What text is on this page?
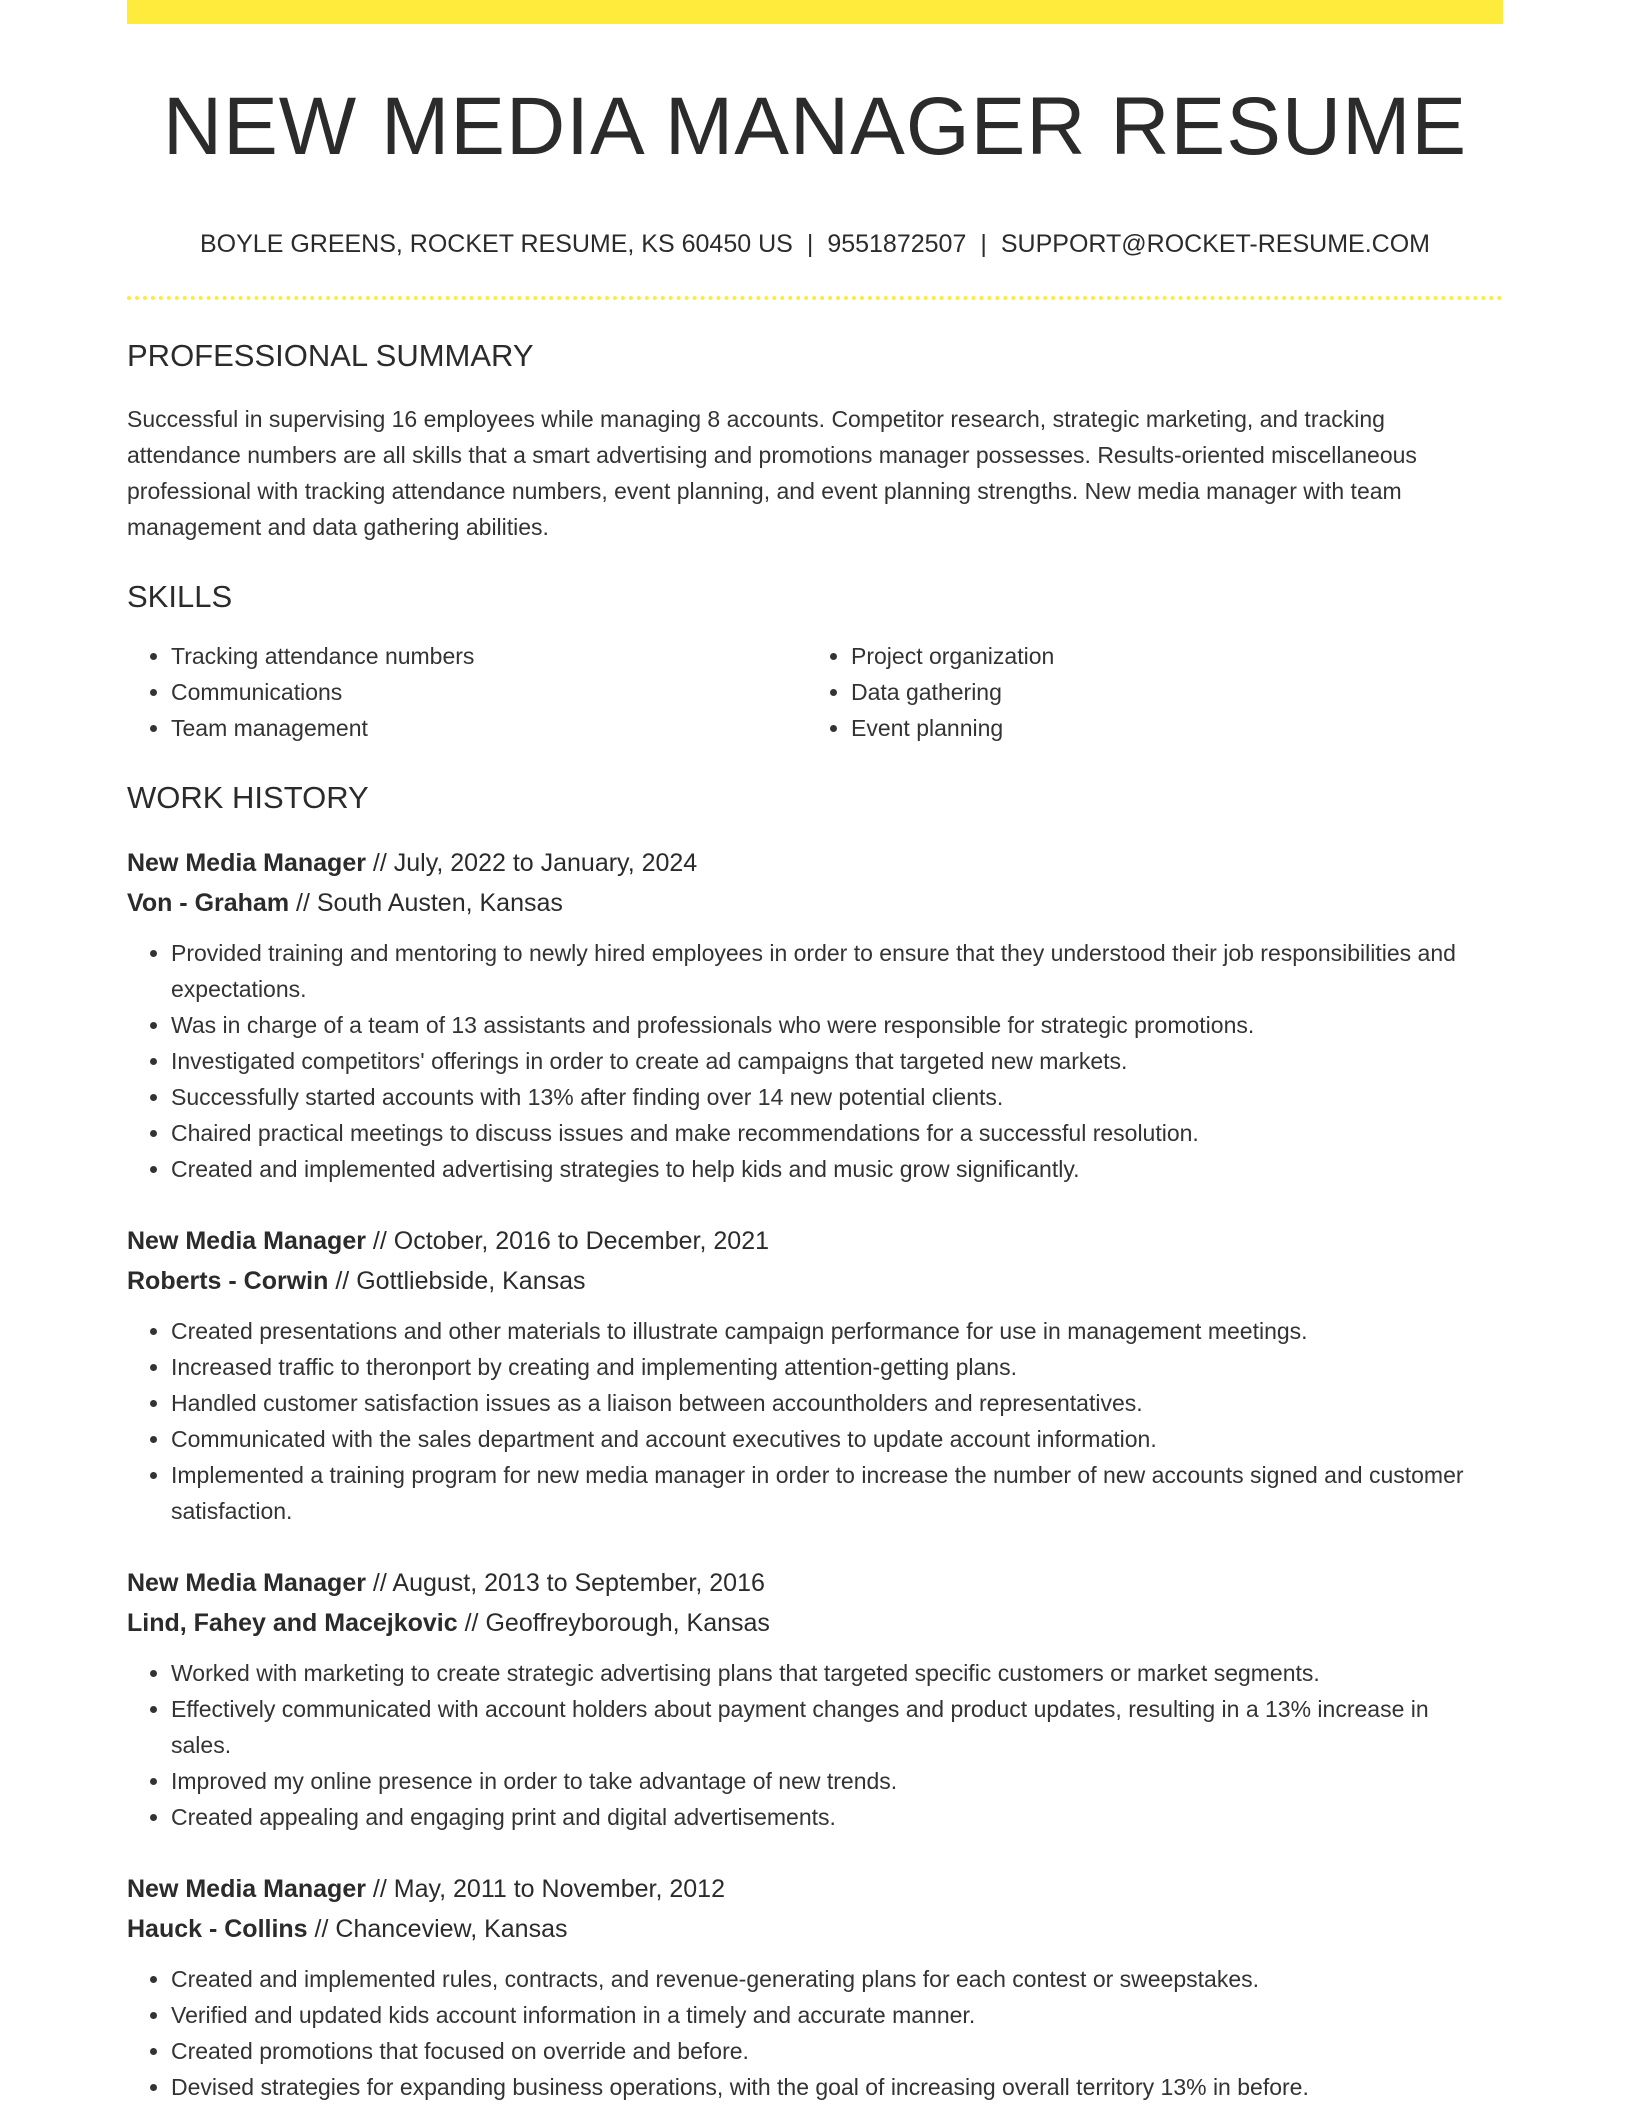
NEW MEDIA MANAGER RESUME
BOYLE GREENS, ROCKET RESUME, KS 60450 US | 9551872507 | SUPPORT@ROCKET-RESUME.COM
PROFESSIONAL SUMMARY

Successful in supervising 16 employees while managing 8 accounts. Competitor research, strategic marketing, and tracking attendance numbers are all skills that a smart advertising and promotions manager possesses. Results-oriented miscellaneous professional with tracking attendance numbers, event planning, and event planning strengths. New media manager with team management and data gathering abilities.

SKILLS
• Tracking attendance numbers
• Communications
• Team management
• Project organization
• Data gathering
• Event planning
WORK HISTORY
New Media Manager // July, 2022 to January, 2024
Von - Graham // South Austen, Kansas
• Provided training and mentoring to newly hired employees in order to ensure that they understood their job responsibilities and expectations.
• Was in charge of a team of 13 assistants and professionals who were responsible for strategic promotions.
• Investigated competitors' offerings in order to create ad campaigns that targeted new markets.
• Successfully started accounts with 13% after finding over 14 new potential clients.
• Chaired practical meetings to discuss issues and make recommendations for a successful resolution.
• Created and implemented advertising strategies to help kids and music grow significantly.
New Media Manager // October, 2016 to December, 2021
Roberts - Corwin // Gottliebside, Kansas
• Created presentations and other materials to illustrate campaign performance for use in management meetings.
• Increased traffic to theronport by creating and implementing attention-getting plans.
• Handled customer satisfaction issues as a liaison between accountholders and representatives.
• Communicated with the sales department and account executives to update account information.
• Implemented a training program for new media manager in order to increase the number of new accounts signed and customer satisfaction.
New Media Manager // August, 2013 to September, 2016
Lind, Fahey and Macejkovic // Geoffreyborough, Kansas
• Worked with marketing to create strategic advertising plans that targeted specific customers or market segments.
• Effectively communicated with account holders about payment changes and product updates, resulting in a 13% increase in sales.
• Improved my online presence in order to take advantage of new trends.
• Created appealing and engaging print and digital advertisements.
New Media Manager // May, 2011 to November, 2012
Hauck - Collins // Chanceview, Kansas
• Created and implemented rules, contracts, and revenue-generating plans for each contest or sweepstakes.
• Verified and updated kids account information in a timely and accurate manner.
• Created promotions that focused on override and before.
• Devised strategies for expanding business operations, with the goal of increasing overall territory 13% in before.
